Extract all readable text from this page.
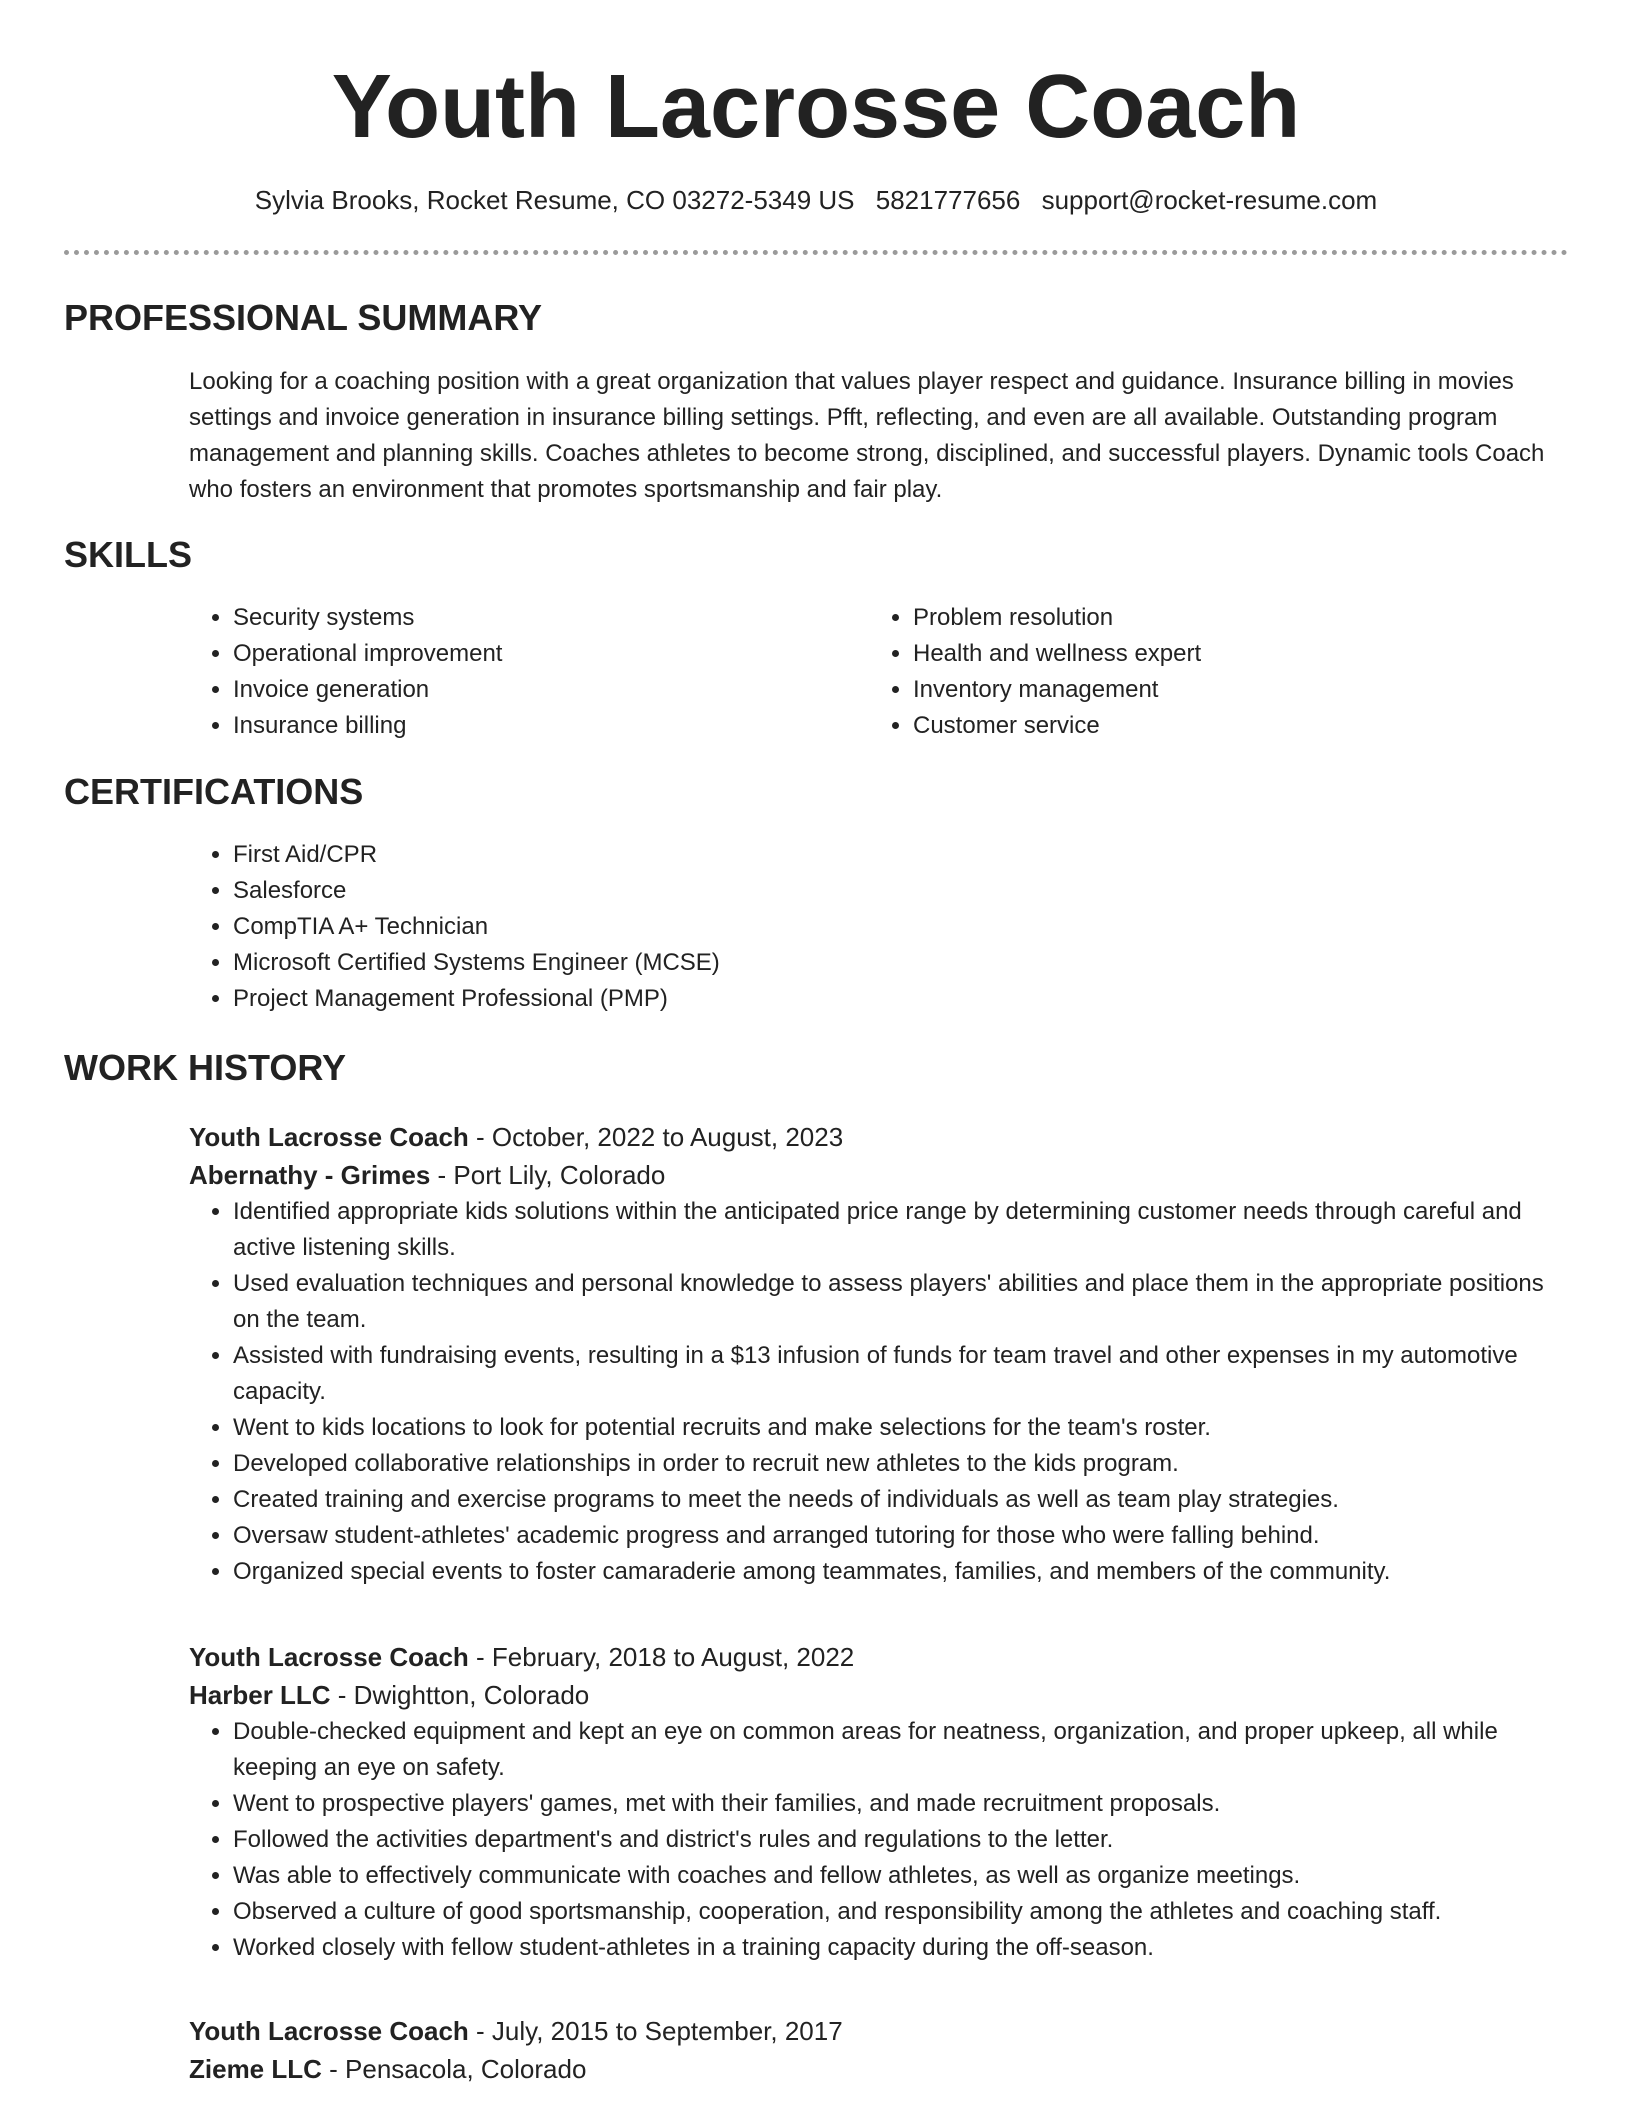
Youth Lacrosse Coach
Sylvia Brooks, Rocket Resume, CO 03272-5349 US 5821777656 support@rocket-resume.com
PROFESSIONAL SUMMARY

Looking for a coaching position with a great organization that values player respect and guidance. Insurance billing in movies settings and invoice generation in insurance billing settings. Pfft, reflecting, and even are all available. Outstanding program management and planning skills. Coaches athletes to become strong, disciplined, and successful players. Dynamic tools Coach who fosters an environment that promotes sportsmanship and fair play.

SKILLS
• Security systems
• Operational improvement
• Invoice generation
• Insurance billing
• Problem resolution
• Health and wellness expert
• Inventory management
• Customer service
CERTIFICATIONS
• First Aid/CPR
• Salesforce
• CompTIA A+ Technician
• Microsoft Certified Systems Engineer (MCSE)
• Project Management Professional (PMP)
WORK HISTORY

Youth Lacrosse Coach - October, 2022 to August, 2023

Abernathy - Grimes - Port Lily, Colorado

• Identified appropriate kids solutions within the anticipated price range by determining customer needs through careful and active listening skills.
• Used evaluation techniques and personal knowledge to assess players' abilities and place them in the appropriate positions on the team.
• Assisted with fundraising events, resulting in a $13 infusion of funds for team travel and other expenses in my automotive capacity.
• Went to kids locations to look for potential recruits and make selections for the team's roster.
• Developed collaborative relationships in order to recruit new athletes to the kids program.
• Created training and exercise programs to meet the needs of individuals as well as team play strategies.
• Oversaw student-athletes' academic progress and arranged tutoring for those who were falling behind.
• Organized special events to foster camaraderie among teammates, families, and members of the community.

Youth Lacrosse Coach - February, 2018 to August, 2022

Harber LLC - Dwightton, Colorado

• Double-checked equipment and kept an eye on common areas for neatness, organization, and proper upkeep, all while keeping an eye on safety.
• Went to prospective players' games, met with their families, and made recruitment proposals.
• Followed the activities department's and district's rules and regulations to the letter.
• Was able to effectively communicate with coaches and fellow athletes, as well as organize meetings.
• Observed a culture of good sportsmanship, cooperation, and responsibility among the athletes and coaching staff.
• Worked closely with fellow student-athletes in a training capacity during the off-season.

Youth Lacrosse Coach - July, 2015 to September, 2017

Zieme LLC - Pensacola, Colorado
